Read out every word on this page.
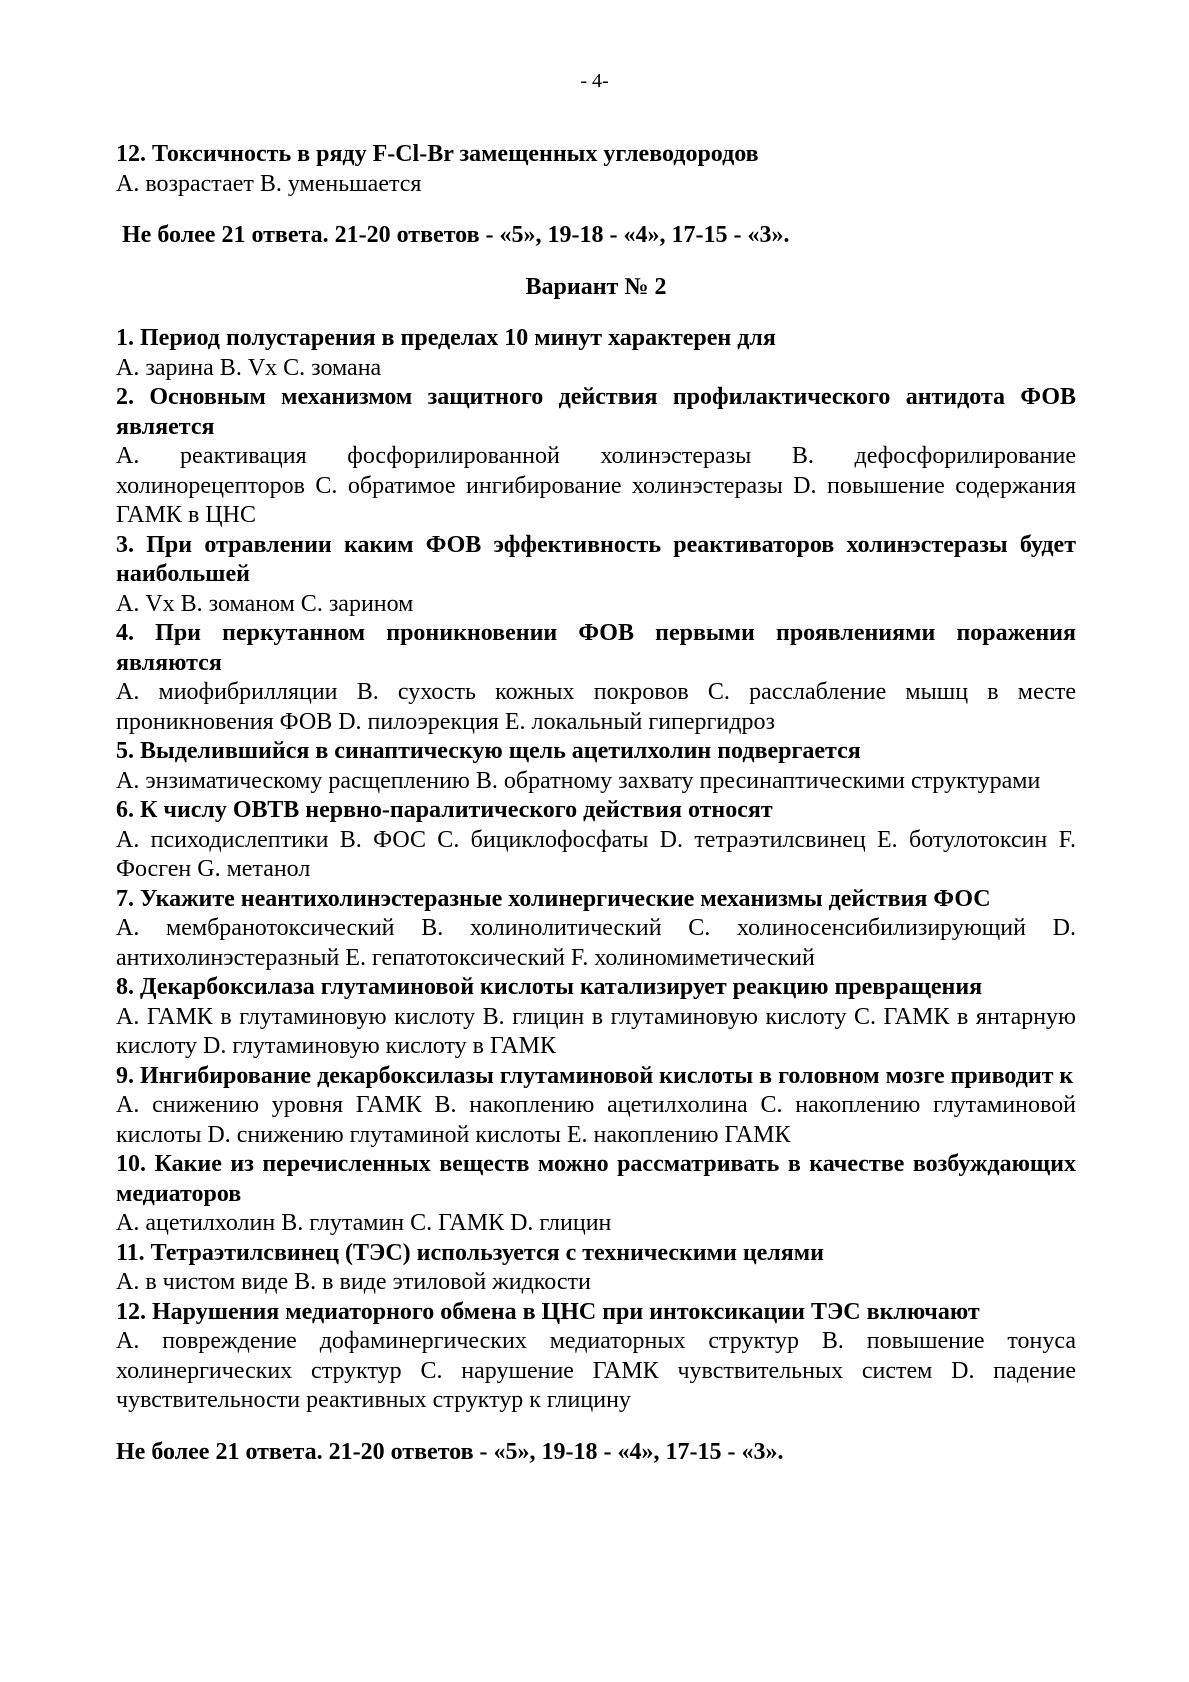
- 4-
12. Токсичность в ряду F-Cl-Br замещенных углеводородов
А. возрастает В. уменьшается
Не более 21 ответа. 21-20 ответов - «5», 19-18 - «4», 17-15 - «3».
Вариант № 2
1. Период полустарения в пределах 10 минут характерен для
А. зарина В. Vx С. зомана
2. Основным механизмом защитного действия профилактического антидота ФОВ является
А. реактивация фосфорилированной холинэстеразы В. дефосфорилирование холинорецепторов С. обратимое ингибирование холинэстеразы D. повышение содержания ГАМК в ЦНС
3. При отравлении каким ФОВ эффективность реактиваторов холинэстеразы будет наибольшей
А. Vx В. зоманом С. зарином
4. При перкутанном проникновении ФОВ первыми проявлениями поражения являются
А. миофибрилляции В. сухость кожных покровов С. расслабление мышц в месте проникновения ФОВ D. пилоэрекция Е. локальный гипергидроз
5. Выделившийся в синаптическую щель ацетилхолин подвергается
А. энзиматическому расщеплению В. обратному захвату пресинаптическими структурами
6. К числу ОВТВ нервно-паралитического действия относят
А. психодислептики В. ФОС С. бициклофосфаты D. тетраэтилсвинец Е. ботулотоксин F. Фосген G. метанол
7. Укажите неантихолинэстеразные холинергические механизмы действия ФОС
А. мембранотоксический В. холинолитический С. холиносенсибилизирующий D. антихолинэстеразный Е. гепатотоксический F. холиномиметический
8. Декарбоксилаза глутаминовой кислоты катализирует реакцию превращения
А. ГАМК в глутаминовую кислоту В. глицин в глутаминовую кислоту С. ГАМК в янтарную кислоту D. глутаминовую кислоту в ГАМК
9. Ингибирование декарбоксилазы глутаминовой кислоты в головном мозге приводит к
А. снижению уровня ГАМК В. накоплению ацетилхолина С. накоплению глутаминовой кислоты D. снижению глутаминой кислоты Е. накоплению ГАМК
10. Какие из перечисленных веществ можно рассматривать в качестве возбуждающих медиаторов
А. ацетилхолин В. глутамин С. ГАМК D. глицин
11. Тетраэтилсвинец (ТЭС) используется с техническими целями
А. в чистом виде В. в виде этиловой жидкости
12. Нарушения медиаторного обмена в ЦНС при интоксикации ТЭС включают
А. повреждение дофаминергических медиаторных структур В. повышение тонуса холинергических структур С. нарушение ГАМК чувствительных систем D. падение чувствительности реактивных структур к глицину
Не более 21 ответа. 21-20 ответов - «5», 19-18 - «4», 17-15 - «3».
